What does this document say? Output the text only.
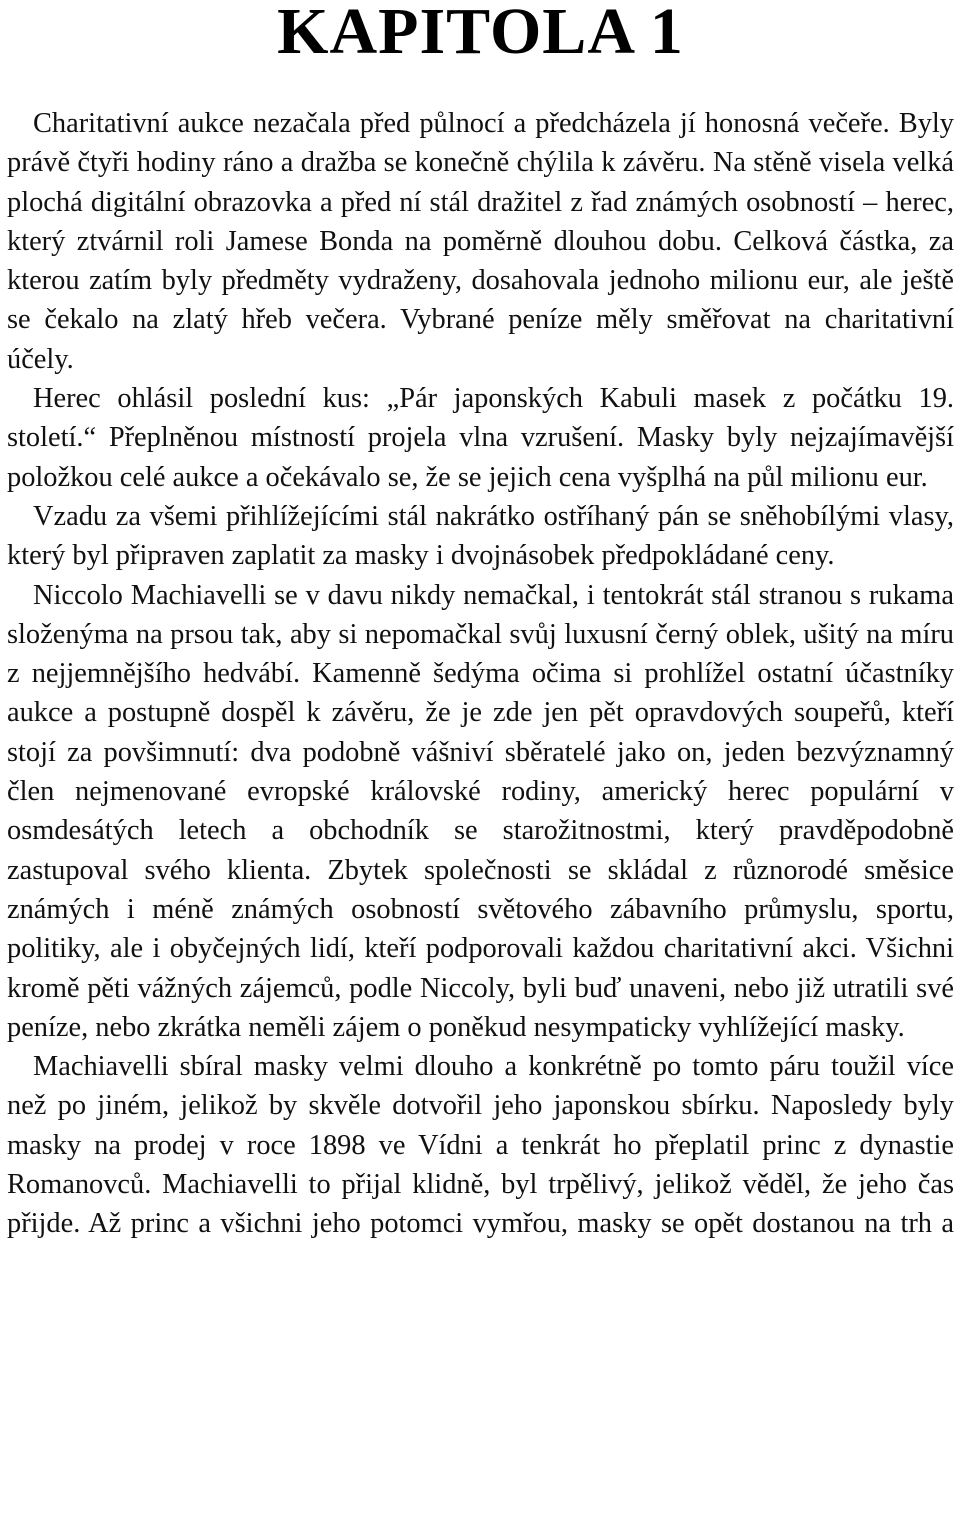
KAPITOLA 1

Charitativní aukce nezačala před půlnocí a předcházela jí honosná večeře. Byly právě čtyři hodiny ráno a dražba se konečně chýlila k závěru. Na stěně visela velká plochá digitální obrazovka a před ní stál dražitel z řad známých osobností – herec, který ztvárnil roli Jamese Bonda na poměrně dlouhou dobu. Celková částka, za kterou zatím byly předměty vydraženy, dosahovala jednoho milionu eur, ale ještě se čekalo na zlatý hřeb večera. Vybrané peníze měly směřovat na charitativní účely.

Herec ohlásil poslední kus: „Pár japonských Kabuli masek z počátku 19. století.“ Přeplněnou místností projela vlna vzrušení. Masky byly nejzajímavější položkou celé aukce a očekávalo se, že se jejich cena vyšplhá na půl milionu eur.

Vzadu za všemi přihlížejícími stál nakrátko ostříhaný pán se sněhobílými vlasy, který byl připraven zaplatit za masky i dvojnásobek předpokládané ceny.

Niccolo Machiavelli se v davu nikdy nemačkal, i tentokrát stál stranou s rukama složenýma na prsou tak, aby si nepomačkal svůj luxusní černý oblek, ušitý na míru z nejjemnějšího hedvábí. Kamenně šedýma očima si prohlížel ostatní účastníky aukce a postupně dospěl k závěru, že je zde jen pět opravdových soupeřů, kteří stojí za povšimnutí: dva podobně vášniví sběratelé jako on, jeden bezvýznamný člen nejmenované evropské královské rodiny, americký herec populární v osmdesátých letech a obchodník se starožitnostmi, který pravděpodobně zastupoval svého klienta. Zbytek společnosti se skládal z různorodé směsice známých i méně známých osobností světového zábavního průmyslu, sportu, politiky, ale i obyčejných lidí, kteří podporovali každou charitativní akci. Všichni kromě pěti vážných zájemců, podle Niccoly, byli buď unaveni, nebo již utratili své peníze, nebo zkrátka neměli zájem o poněkud nesympaticky vyhlížející masky.

Machiavelli sbíral masky velmi dlouho a konkrétně po tomto páru toužil více než po jiném, jelikož by skvěle dotvořil jeho japonskou sbírku. Naposledy byly masky na prodej v roce 1898 ve Vídni a tenkrát ho přeplatil princ z dynastie Romanovců. Machiavelli to přijal klidně, byl trpělivý, jelikož věděl, že jeho čas přijde. Až princ a všichni jeho potomci vymřou, masky se opět dostanou na trh a
